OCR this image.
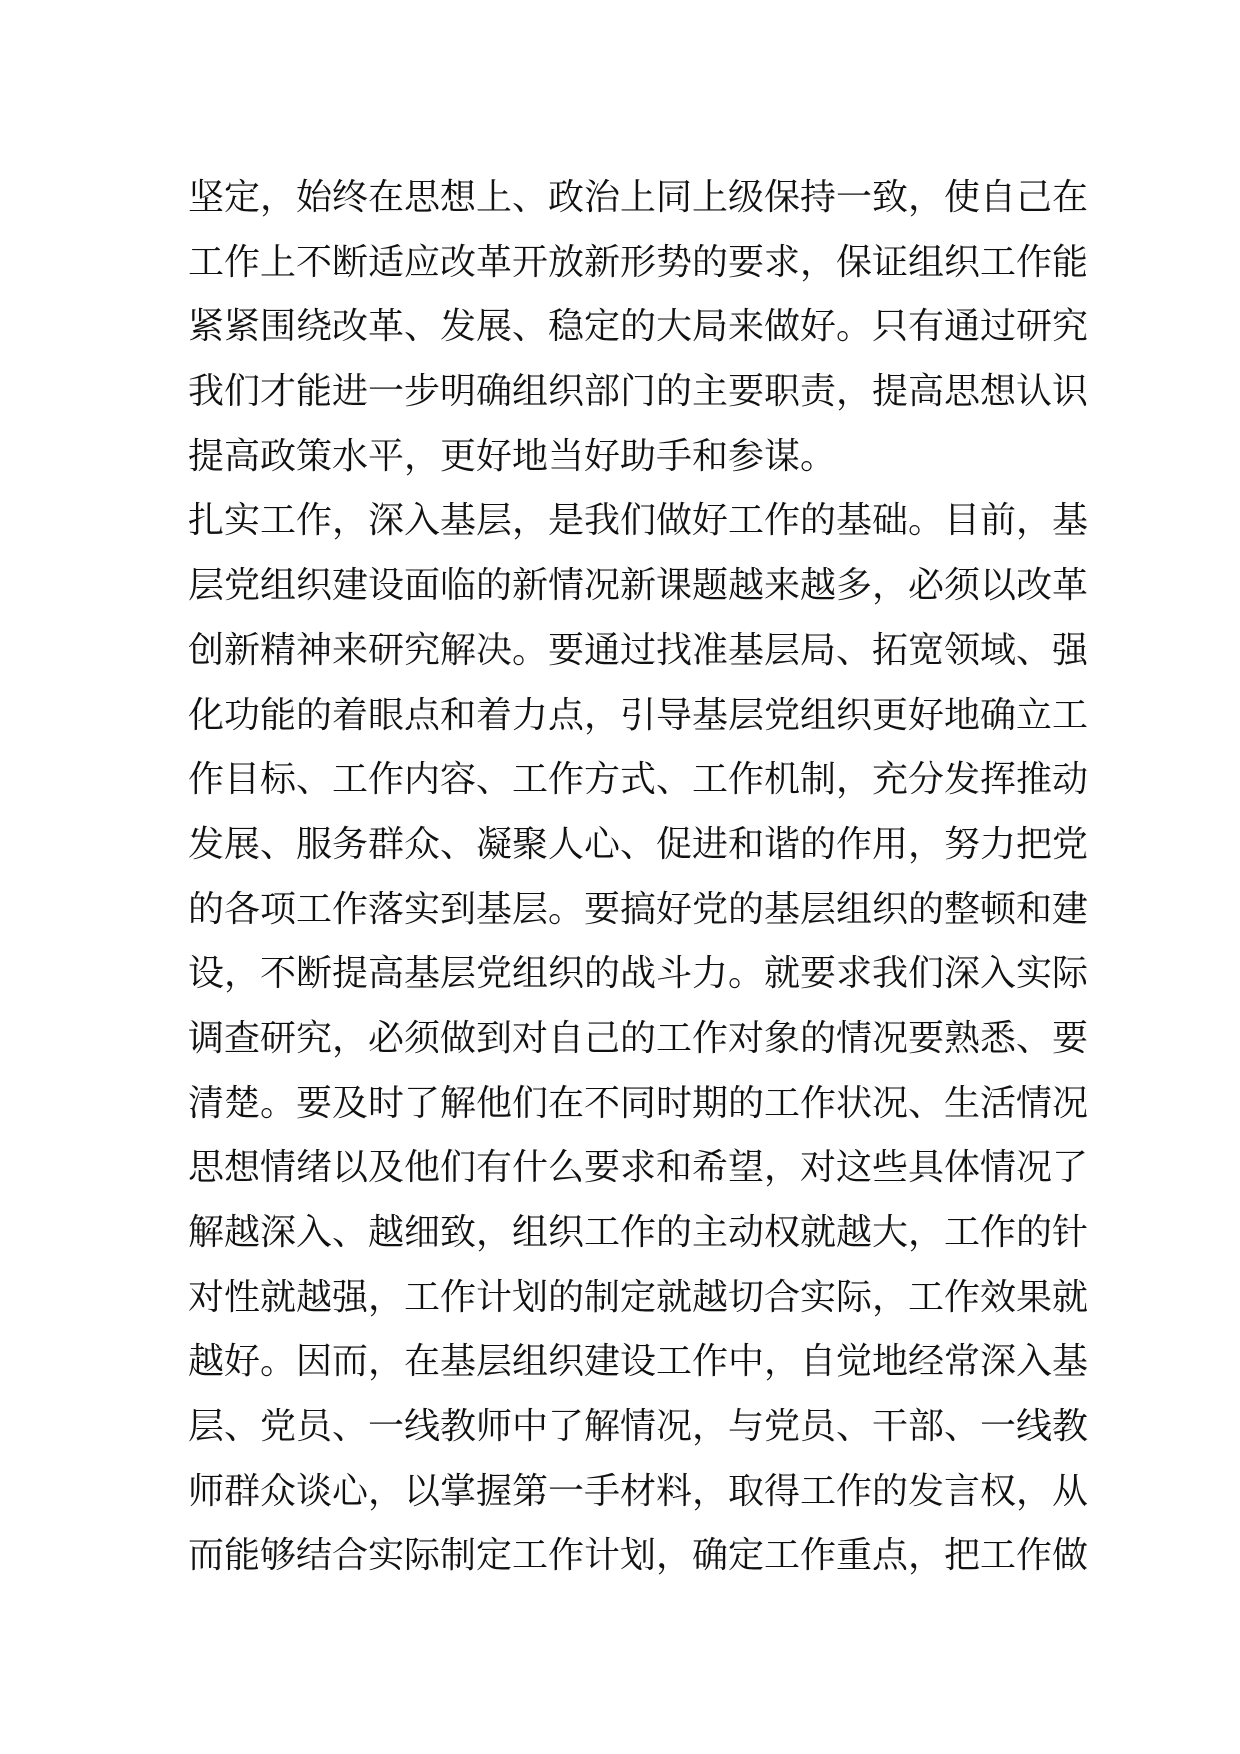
坚定，始终在思想上、政治上同上级保持一致，使自己在
工作上不断适应改革开放新形势的要求，保证组织工作能
紧紧围绕改革、发展、稳定的大局来做好。只有通过研究
我们才能进一步明确组织部门的主要职责，提高思想认识
提高政策水平，更好地当好助手和参谋。
扎实工作，深入基层，是我们做好工作的基础。目前，基
层党组织建设面临的新情况新课题越来越多，必须以改革
创新精神来研究解决。要通过找准基层局、拓宽领域、强
化功能的着眼点和着力点，引导基层党组织更好地确立工
作目标、工作内容、工作方式、工作机制，充分发挥推动
发展、服务群众、凝聚人心、促进和谐的作用，努力把党
的各项工作落实到基层。要搞好党的基层组织的整顿和建
设，不断提高基层党组织的战斗力。就要求我们深入实际
调查研究，必须做到对自己的工作对象的情况要熟悉、要
清楚。要及时了解他们在不同时期的工作状况、生活情况
思想情绪以及他们有什么要求和希望，对这些具体情况了
解越深入、越细致，组织工作的主动权就越大，工作的针
对性就越强，工作计划的制定就越切合实际，工作效果就
越好。因而，在基层组织建设工作中，自觉地经常深入基
层、党员、一线教师中了解情况，与党员、干部、一线教
师群众谈心，以掌握第一手材料，取得工作的发言权，从
而能够结合实际制定工作计划，确定工作重点，把工作做
